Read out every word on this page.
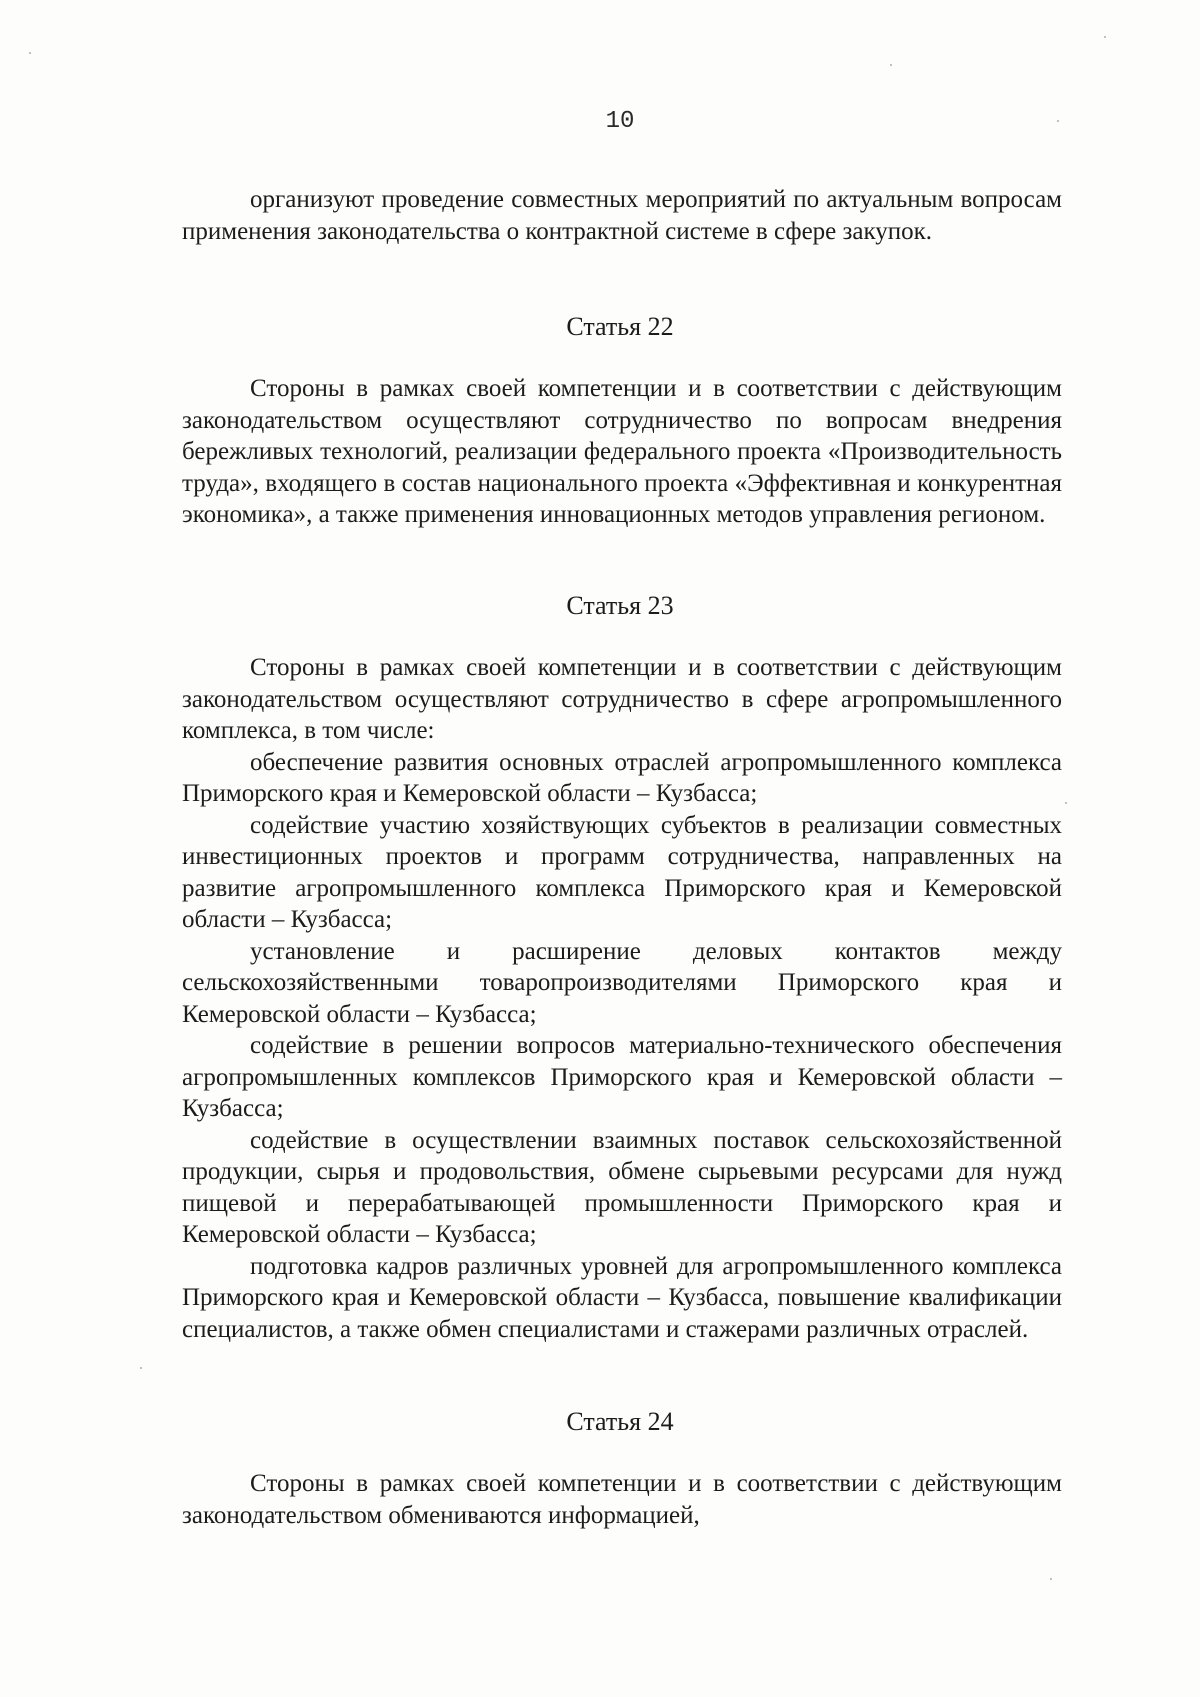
10

организуют проведение совместных мероприятий по актуальным вопросам применения законодательства о контрактной системе в сфере закупок.

Статья 22

Стороны в рамках своей компетенции и в соответствии с действующим законодательством осуществляют сотрудничество по вопросам внедрения бережливых технологий, реализации федерального проекта «Производительность труда», входящего в состав национального проекта «Эффективная и конкурентная экономика», а также применения инновационных методов управления регионом.

Статья 23

Стороны в рамках своей компетенции и в соответствии с действующим законодательством осуществляют сотрудничество в сфере агропромышленного комплекса, в том числе:

обеспечение развития основных отраслей агропромышленного комплекса Приморского края и Кемеровской области – Кузбасса;

содействие участию хозяйствующих субъектов в реализации совместных инвестиционных проектов и программ сотрудничества, направленных на развитие агропромышленного комплекса Приморского края и Кемеровской области – Кузбасса;

установление и расширение деловых контактов между сельскохозяйственными товаропроизводителями Приморского края и Кемеровской области – Кузбасса;

содействие в решении вопросов материально-технического обеспечения агропромышленных комплексов Приморского края и Кемеровской области – Кузбасса;

содействие в осуществлении взаимных поставок сельскохозяйственной продукции, сырья и продовольствия, обмене сырьевыми ресурсами для нужд пищевой и перерабатывающей промышленности Приморского края и Кемеровской области – Кузбасса;

подготовка кадров различных уровней для агропромышленного комплекса Приморского края и Кемеровской области – Кузбасса, повышение квалификации специалистов, а также обмен специалистами и стажерами различных отраслей.

Статья 24

Стороны в рамках своей компетенции и в соответствии с действующим законодательством обмениваются информацией,
